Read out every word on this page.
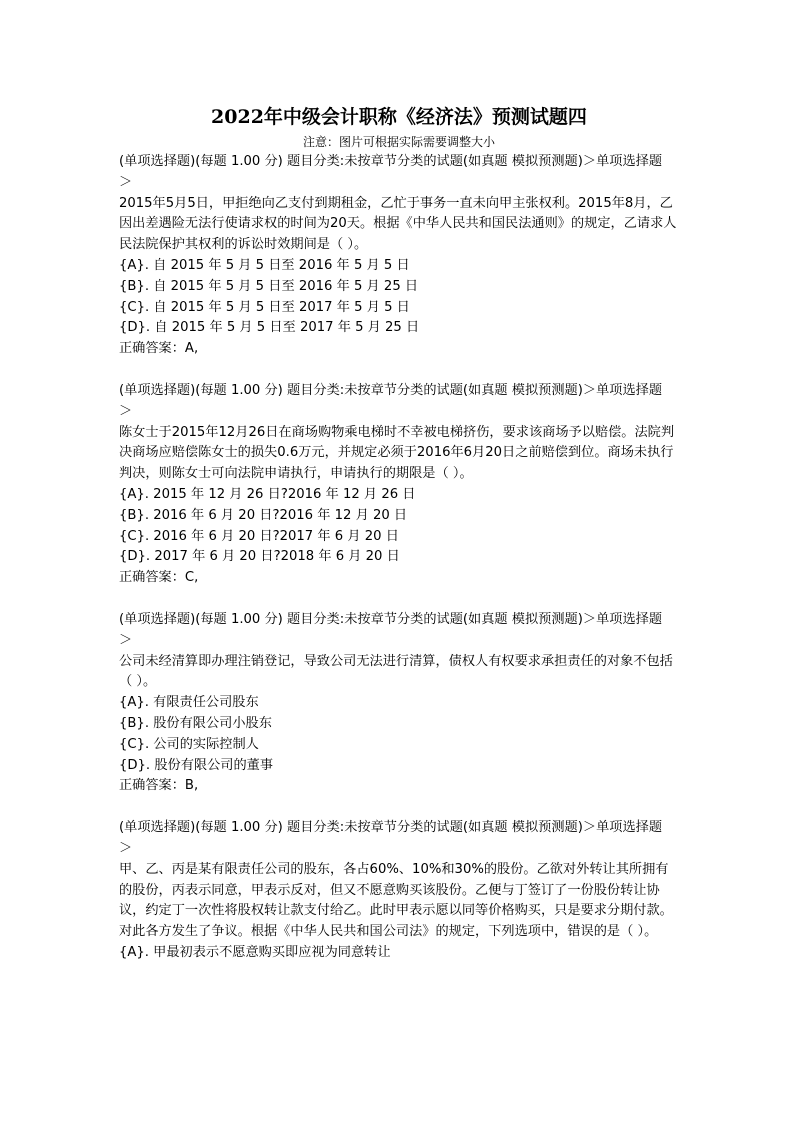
2022年中级会计职称《经济法》预测试题四
注意：图片可根据实际需要调整大小

(单项选择题)(每题 1.00 分) 题目分类:未按章节分类的试题(如真题 模拟预测题)＞单项选择题 ＞

2015年5月5日，甲拒绝向乙支付到期租金，乙忙于事务一直未向甲主张权利。2015年8月，乙因出差遇险无法行使请求权的时间为20天。根据《中华人民共和国民法通则》的规定，乙请求人民法院保护其权利的诉讼时效期间是（ ）。

{A}. 自 2015 年 5 月 5 日至 2016 年 5 月 5 日

{B}. 自 2015 年 5 月 5 日至 2016 年 5 月 25 日

{C}. 自 2015 年 5 月 5 日至 2017 年 5 月 5 日

{D}. 自 2015 年 5 月 5 日至 2017 年 5 月 25 日

正确答案：A,

(单项选择题)(每题 1.00 分) 题目分类:未按章节分类的试题(如真题 模拟预测题)＞单项选择题 ＞

陈女士于2015年12月26日在商场购物乘电梯时不幸被电梯挤伤，要求该商场予以赔偿。法院判决商场应赔偿陈女士的损失0.6万元，并规定必须于2016年6月20日之前赔偿到位。商场未执行判决，则陈女士可向法院申请执行，申请执行的期限是（ ）。

{A}. 2015 年 12 月 26 日?2016 年 12 月 26 日

{B}. 2016 年 6 月 20 日?2016 年 12 月 20 日

{C}. 2016 年 6 月 20 日?2017 年 6 月 20 日

{D}. 2017 年 6 月 20 日?2018 年 6 月 20 日

正确答案：C,

(单项选择题)(每题 1.00 分) 题目分类:未按章节分类的试题(如真题 模拟预测题)＞单项选择题 ＞

公司未经清算即办理注销登记，导致公司无法进行清算，债权人有权要求承担责任的对象不包括（ ）。

{A}. 有限责任公司股东

{B}. 股份有限公司小股东

{C}. 公司的实际控制人

{D}. 股份有限公司的董事

正确答案：B,

(单项选择题)(每题 1.00 分) 题目分类:未按章节分类的试题(如真题 模拟预测题)＞单项选择题 ＞

甲、乙、丙是某有限责任公司的股东，各占60%、10%和30%的股份。乙欲对外转让其所拥有的股份，丙表示同意，甲表示反对，但又不愿意购买该股份。乙便与丁签订了一份股份转让协议，约定丁一次性将股权转让款支付给乙。此时甲表示愿以同等价格购买，只是要求分期付款。对此各方发生了争议。根据《中华人民共和国公司法》的规定，下列选项中，错误的是（ ）。

{A}. 甲最初表示不愿意购买即应视为同意转让
